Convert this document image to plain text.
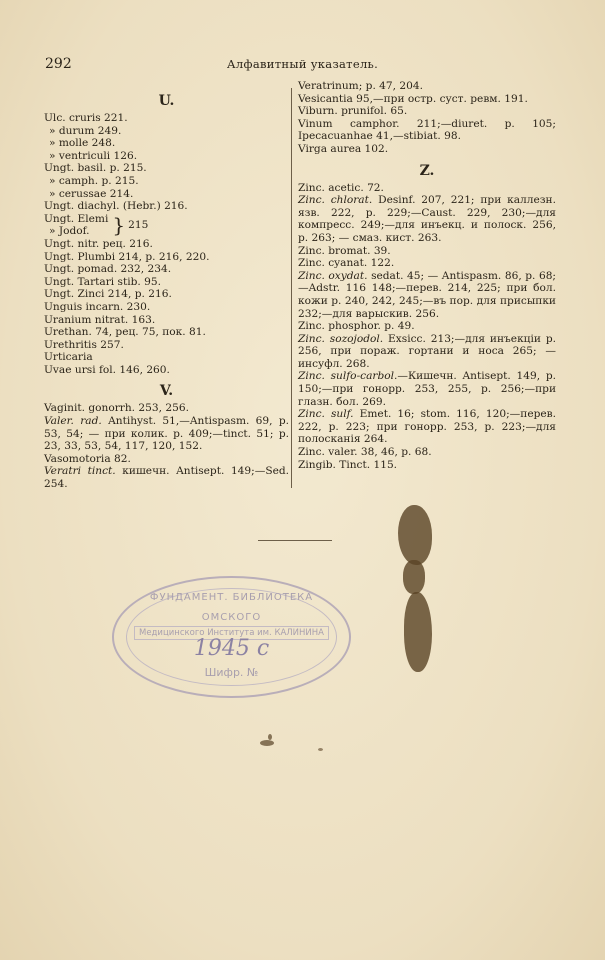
292	Алфавитный указатель.
U.
Ulc. cruris 221.
» durum 249.
» molle 248.
» ventriculi 126.
Ungt. basil. p. 215.
» camph. p. 215.
» cerussae 214.
Ungt. diachyl. (Hebr.) 216.
Ungt. Elemi
» Jodof.	} 215
Ungt. nitr. рец. 216.
Ungt. Plumbi 214, p. 216, 220.
Ungt. pomad. 232, 234.
Ungt. Tartari stib. 95.
Ungt. Zinci 214, p. 216.
Unguis incarn. 230.
Uranium nitrat. 163.
Urethan. 74, рец. 75, пок. 81.
Urethritis 257.
Urticaria
Uvae ursi fol. 146, 260.
V.
Vaginit. gonorrh. 253, 256.
Valer. rad. Antihyst. 51,—Antispasm. 69, p. 53, 54; — при колик. p. 409;—tinct. 51; p. 23, 33, 53, 54, 117, 120, 152.
Vasomotoria 82.
Veratri tinct. кишечн. Antisept. 149;—Sed. 254.
Veratrinum; p. 47, 204.
Vesicantia 95,—при остр. суст. ревм. 191.
Viburn. prunifol. 65.
Vinum camphor. 211;—diuret. p. 105; Ipecacuanhae 41,—stibiat. 98.
Virga aurea 102.
Z.
Zinc. acetic. 72.
Zinc. chlorat. Desinf. 207, 221; при каллезн. язв. 222, p. 229;—Caust. 229, 230;—для компресс. 249;—для инъекц. и полоск. 256, p. 263; — смаз. кист. 263.
Zinc. bromat. 39.
Zinc. cyanat. 122.
Zinc. oxydat. sedat. 45; — Antispasm. 86, p. 68;—Adstr. 116 148;—перев. 214, 225; при бол. кожи p. 240, 242, 245;—въ пор. для присыпки 232;—для варыскив. 256.
Zinc. phosphor. p. 49.
Zinc. sozojodol. Exsicc. 213;—для инъекцiи p. 256, при пораж. гортани и носа 265; —инсуфл. 268.
Zinc. sulfo-carbol.—Кишечн. Antisept. 149, p. 150;—при гонорр. 253, 255, p. 256;—при глазн. бол. 269.
Zinc. sulf. Emet. 16; stom. 116, 120;—перев. 222, p. 223; при гонорр. 253, p. 223;—для полосканiя 264.
Zinc. valer. 38, 46, p. 68.
Zingib. Tinct. 115.
ФУНДАМЕНТ. БИБЛИОТЕКА
ОМСКОГО
Медицинского Института им. КАЛИНИНА
1945 c
Шифр. №
